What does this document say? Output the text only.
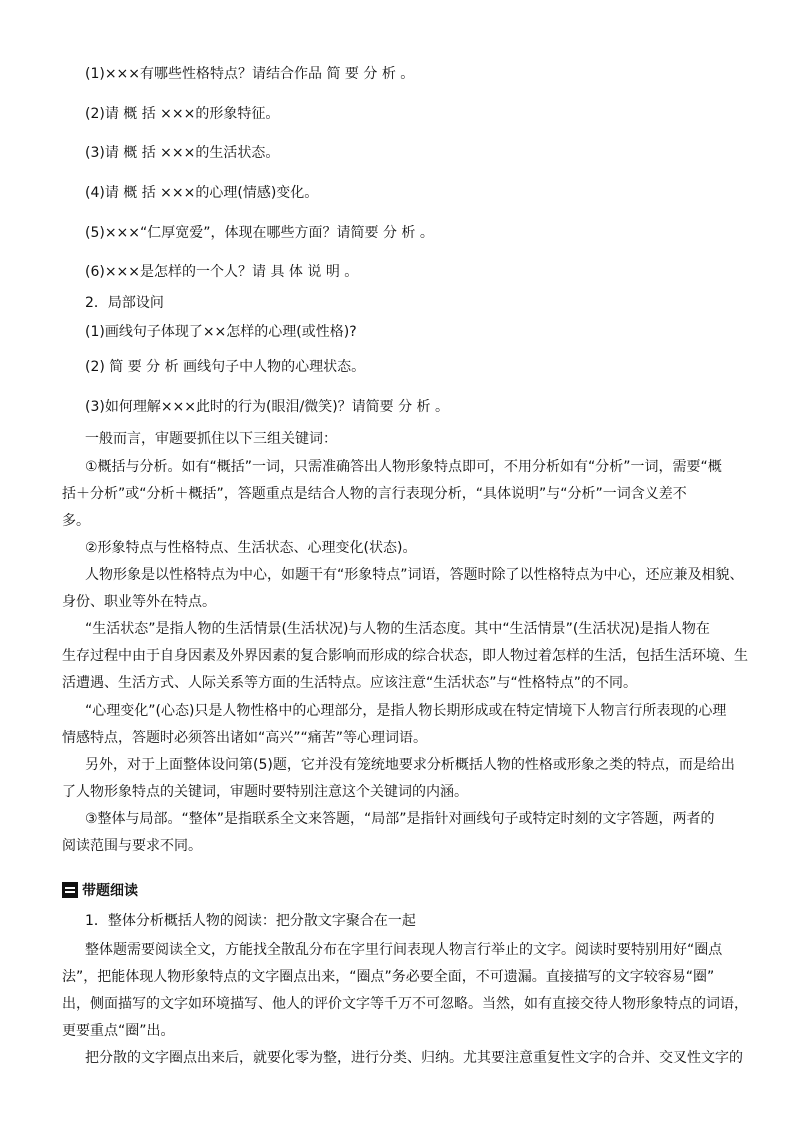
(1)×××有哪些性格特点？请结合作品 简 要 分 析 。
(2)请 概 括 ×××的形象特征。
(3)请 概 括 ×××的生活状态。
(4)请 概 括 ×××的心理(情感)变化。
(5)×××“仁厚宽爱”，体现在哪些方面？请简要 分 析 。
(6)×××是怎样的一个人？请 具 体 说 明 。
2．局部设问
(1)画线句子体现了××怎样的心理(或性格)?
(2) 简 要 分 析 画线句子中人物的心理状态。
(3)如何理解×××此时的行为(眼泪/微笑)？请简要 分 析 。
一般而言，审题要抓住以下三组关键词：
①概括与分析。如有“概括”一词，只需准确答出人物形象特点即可，不用分析如有“分析”一词，需要“概
括＋分析”或“分析＋概括”，答题重点是结合人物的言行表现分析，“具体说明”与“分析”一词含义差不
多。
②形象特点与性格特点、生活状态、心理变化(状态)。
人物形象是以性格特点为中心，如题干有“形象特点”词语，答题时除了以性格特点为中心，还应兼及相貌、
身份、职业等外在特点。
“生活状态”是指人物的生活情景(生活状况)与人物的生活态度。其中“生活情景”(生活状况)是指人物在
生存过程中由于自身因素及外界因素的复合影响而形成的综合状态，即人物过着怎样的生活，包括生活环境、生
活遭遇、生活方式、人际关系等方面的生活特点。应该注意“生活状态”与“性格特点”的不同。
“心理变化”(心态)只是人物性格中的心理部分，是指人物长期形成或在特定情境下人物言行所表现的心理
情感特点，答题时必须答出诸如“高兴”“痛苦”等心理词语。
另外，对于上面整体设问第(5)题，它并没有笼统地要求分析概括人物的性格或形象之类的特点，而是给出
了人物形象特点的关键词，审题时要特别注意这个关键词的内涵。
③整体与局部。“整体”是指联系全文来答题，“局部”是指针对画线句子或特定时刻的文字答题，两者的
阅读范围与要求不同。
带题细读
1．整体分析概括人物的阅读：把分散文字聚合在一起
整体题需要阅读全文，方能找全散乱分布在字里行间表现人物言行举止的文字。阅读时要特别用好“圈点
法”，把能体现人物形象特点的文字圈点出来，“圈点”务必要全面，不可遗漏。直接描写的文字较容易“圈”
出，侧面描写的文字如环境描写、他人的评价文字等千万不可忽略。当然，如有直接交待人物形象特点的词语，
更要重点“圈”出。
把分散的文字圈点出来后，就要化零为整，进行分类、归纳。尤其要注意重复性文字的合并、交叉性文字的
